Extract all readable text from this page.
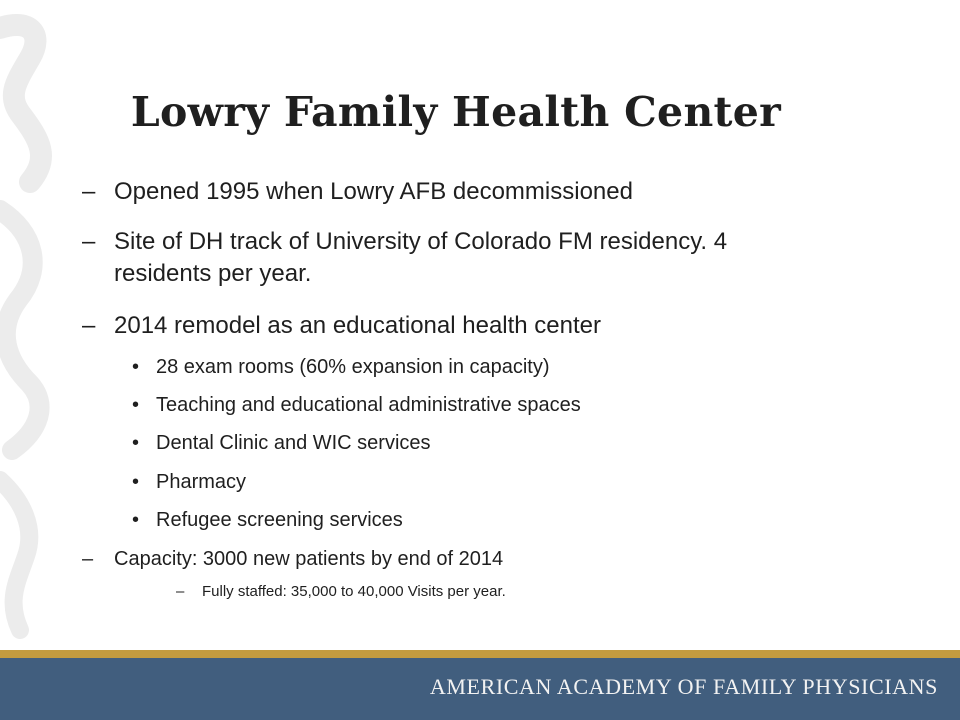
Lowry Family Health Center
– Opened 1995 when Lowry AFB decommissioned
– Site of DH track of University of Colorado FM residency. 4 residents per year.
– 2014 remodel as an educational health center
• 28 exam rooms (60% expansion in capacity)
• Teaching and educational administrative spaces
• Dental Clinic and WIC services
• Pharmacy
• Refugee screening services
– Capacity: 3000 new patients by end of 2014
– Fully staffed: 35,000 to 40,000 Visits per year.
AMERICAN ACADEMY OF FAMILY PHYSICIANS
